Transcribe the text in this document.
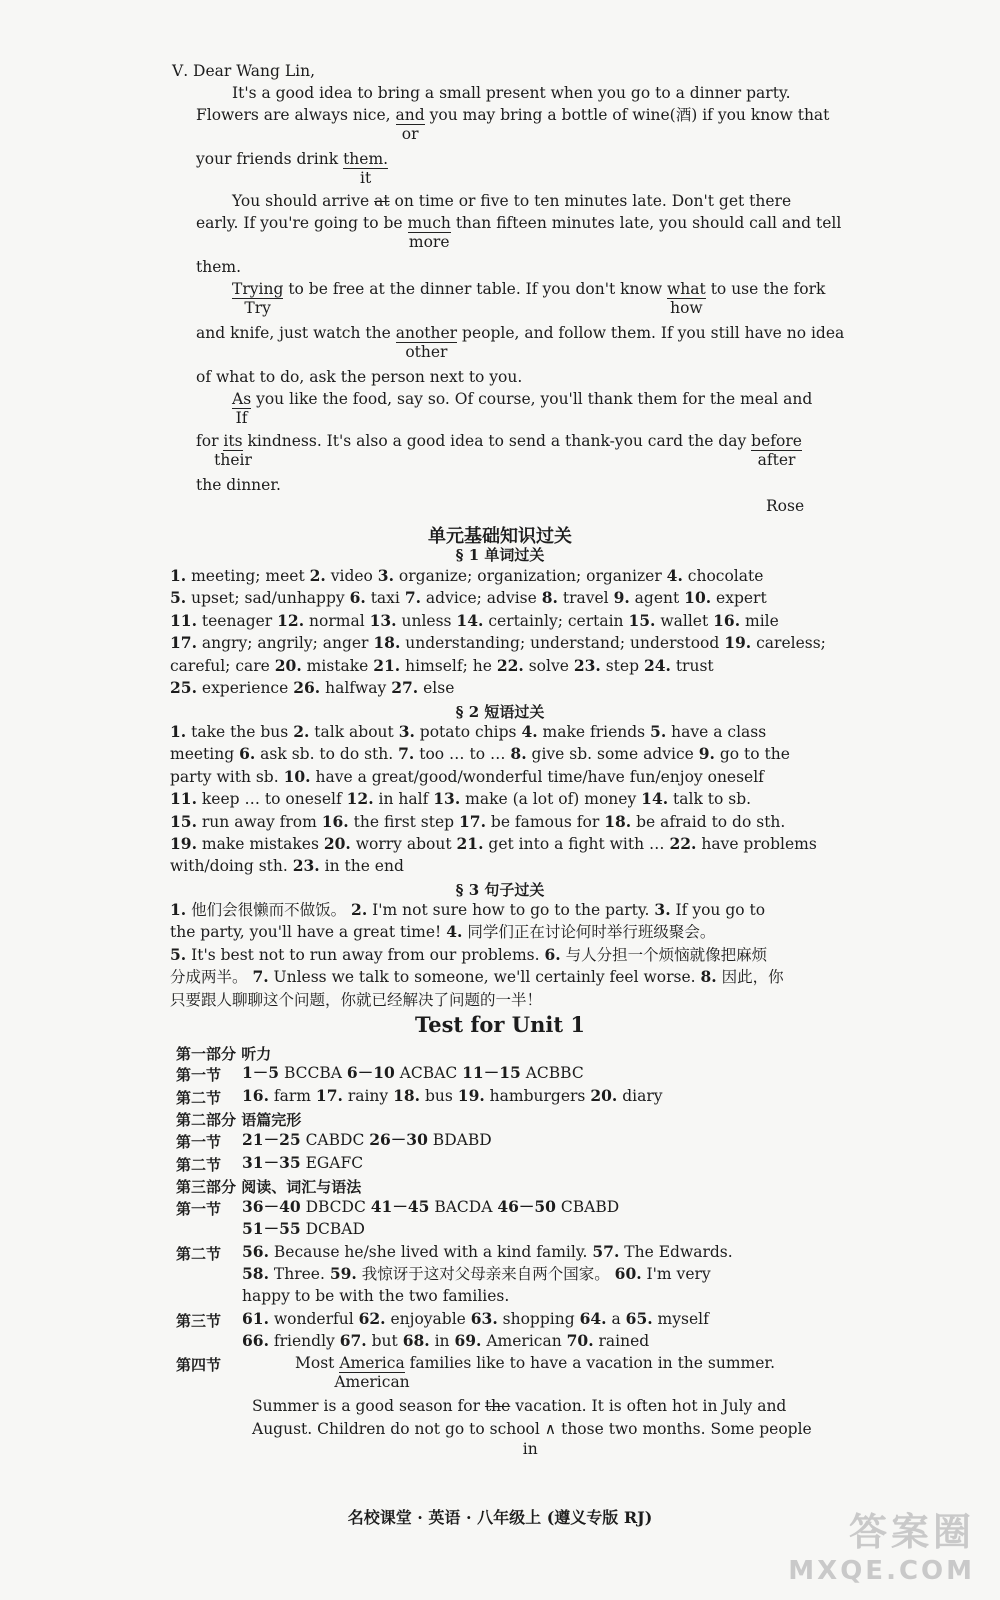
Ⅴ. Dear Wang Lin,
It's a good idea to bring a small present when you go to a dinner party.
Flowers are always nice, and
or
you may bring a bottle of wine(酒) if you know that
your friends drink them.
it
You should arrive at on time or five to ten minutes late. Don't get there
early. If you're going to be much
more
than fifteen minutes late, you should call and tell
them.
Trying
Try
to be free at the dinner table. If you don't know what
how
to use the fork
and knife, just watch the another
other
people, and follow them. If you still have no idea
of what to do, ask the person next to you.
As
If
you like the food, say so. Of course, you'll thank them for the meal and
for its
their
kindness. It's also a good idea to send a thank-you card the day before
after
the dinner.
Rose
单元基础知识过关
§ 1 单词过关
1. meeting; meet 2. video 3. organize; organization; organizer 4. chocolate
5. upset; sad/unhappy 6. taxi 7. advice; advise 8. travel 9. agent 10. expert
11. teenager 12. normal 13. unless 14. certainly; certain 15. wallet 16. mile
17. angry; angrily; anger 18. understanding; understand; understood 19. careless;
careful; care 20. mistake 21. himself; he 22. solve 23. step 24. trust
25. experience 26. halfway 27. else
§ 2 短语过关
1. take the bus 2. talk about 3. potato chips 4. make friends 5. have a class
meeting 6. ask sb. to do sth. 7. too … to … 8. give sb. some advice 9. go to the
party with sb. 10. have a great/good/wonderful time/have fun/enjoy oneself
11. keep … to oneself 12. in half 13. make (a lot of) money 14. talk to sb.
15. run away from 16. the first step 17. be famous for 18. be afraid to do sth.
19. make mistakes 20. worry about 21. get into a fight with … 22. have problems
with/doing sth. 23. in the end
§ 3 句子过关
1. 他们会很懒而不做饭。 2. I'm not sure how to go to the party. 3. If you go to
the party, you'll have a great time! 4. 同学们正在讨论何时举行班级聚会。
5. It's best not to run away from our problems. 6. 与人分担一个烦恼就像把麻烦
分成两半。 7. Unless we talk to someone, we'll certainly feel worse. 8. 因此，你
只要跟人聊聊这个问题，你就已经解决了问题的一半！
Test for Unit 1
第一部分 听力
第一节 1－5 BCCBA 6－10 ACBAC 11－15 ACBBC
第二节 16. farm 17. rainy 18. bus 19. hamburgers 20. diary
第二部分 语篇完形
第一节 21－25 CABDC 26－30 BDABD
第二节 31－35 EGAFC
第三部分 阅读、词汇与语法
第一节 36－40 DBCDC 41－45 BACDA 46－50 CBABD
51－55 DCBAD
第二节 56. Because he/she lived with a kind family. 57. The Edwards.
58. Three. 59. 我惊讶于这对父母亲来自两个国家。 60. I'm very
happy to be with the two families.
第三节 61. wonderful 62. enjoyable 63. shopping 64. a 65. myself
66. friendly 67. but 68. in 69. American 70. rained
第四节	Most America
American
families like to have a vacation in the summer.
Summer is a good season for the vacation. It is often hot in July and
August. Children do not go to school ∧
in
those two months. Some people
名校课堂 · 英语 · 八年级上 (遵义专版 RJ)	答案圈
MXQE.COM
